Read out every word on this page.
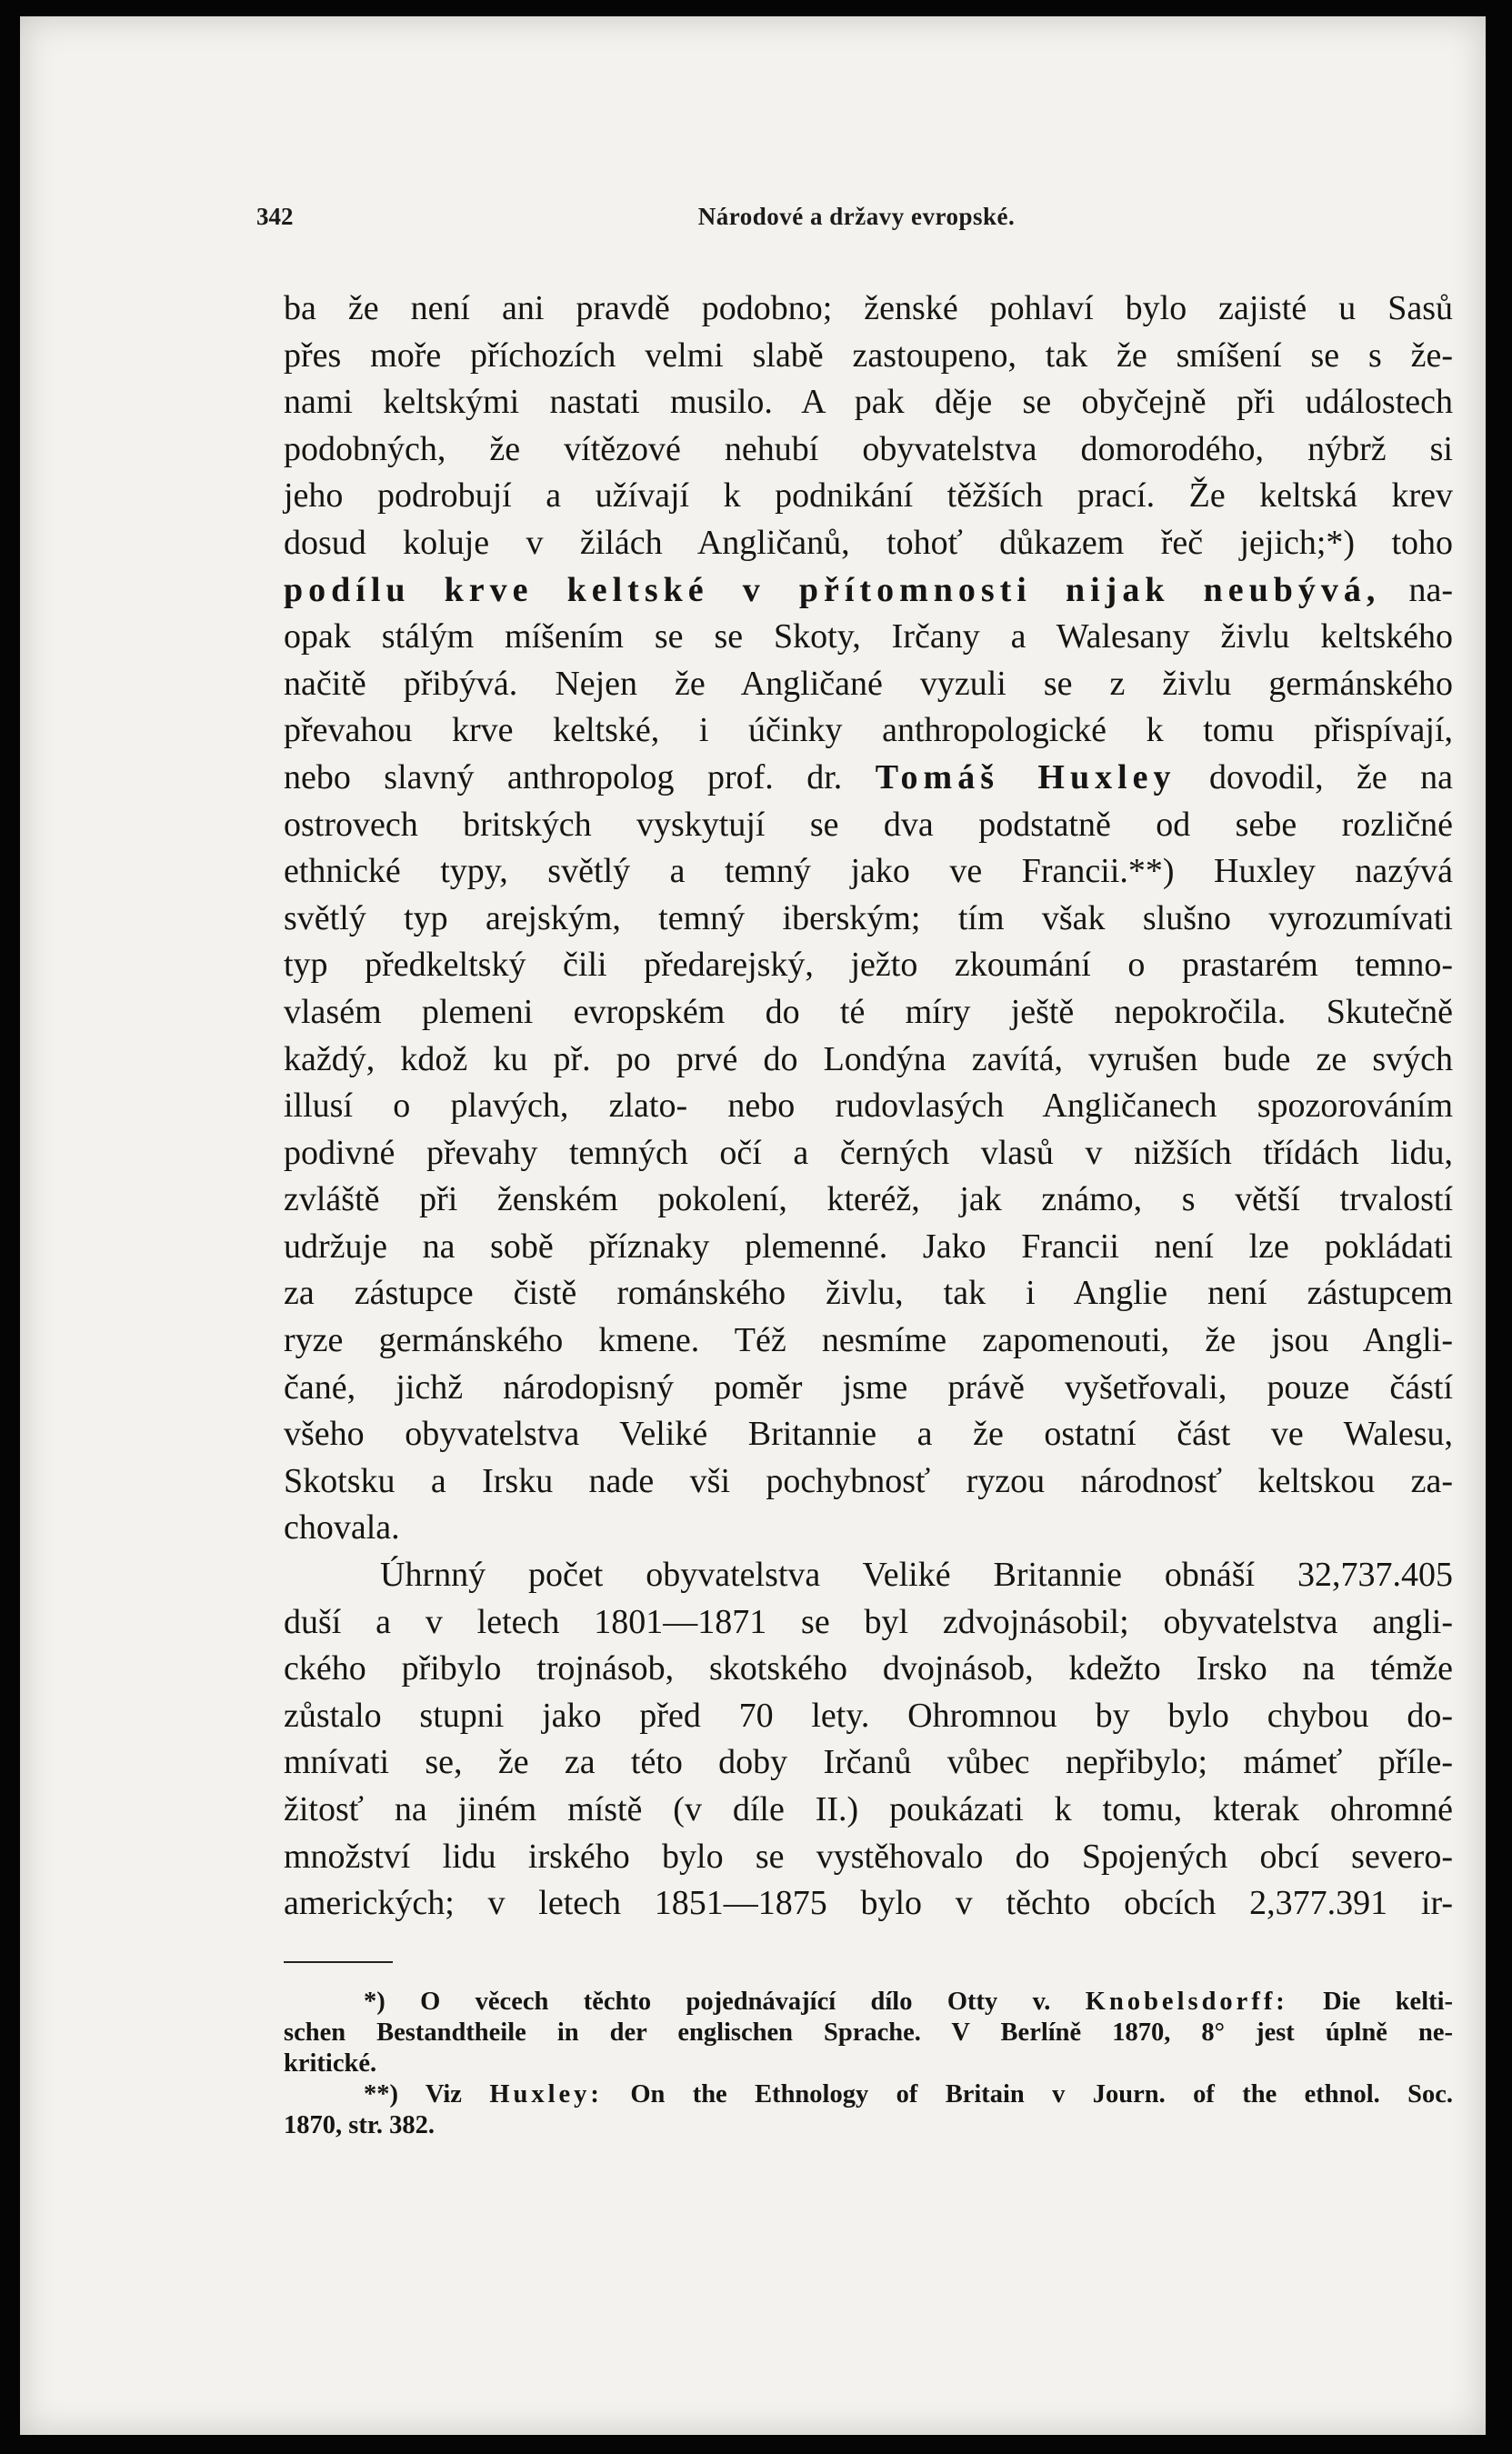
342	Národové a državy evropské.
ba že není ani pravdě podobno; ženské pohlaví bylo zajisté u Sasů
přes moře příchozích velmi slabě zastoupeno, tak že smíšení se s že-
nami keltskými nastati musilo. A pak děje se obyčejně při událostech
podobných, že vítězové nehubí obyvatelstva domorodého, nýbrž si
jeho podrobují a užívají k podnikání těžších prací. Že keltská krev
dosud koluje v žilách Angličanů, tohoť důkazem řeč jejich;*) toho
podílu krve keltské v přítomnosti nijak neubývá, na-
opak stálým míšením se se Skoty, Irčany a Walesany živlu keltského
načitě přibývá. Nejen že Angličané vyzuli se z živlu germánského
převahou krve keltské, i účinky anthropologické k tomu přispívají,
nebo slavný anthropolog prof. dr. Tomáš Huxley dovodil, že na
ostrovech britských vyskytují se dva podstatně od sebe rozličné
ethnické typy, světlý a temný jako ve Francii.**) Huxley nazývá
světlý typ arejským, temný iberským; tím však slušno vyrozumívati
typ předkeltský čili předarejský, ježto zkoumání o prastarém temno-
vlasém plemeni evropském do té míry ještě nepokročila. Skutečně
každý, kdož ku př. po prvé do Londýna zavítá, vyrušen bude ze svých
illusí o plavých, zlato- nebo rudovlasých Angličanech spozorováním
podivné převahy temných očí a černých vlasů v nižších třídách lidu,
zvláště při ženském pokolení, kteréž, jak známo, s větší trvalostí
udržuje na sobě příznaky plemenné. Jako Francii není lze pokládati
za zástupce čistě románského živlu, tak i Anglie není zástupcem
ryze germánského kmene. Též nesmíme zapomenouti, že jsou Angli-
čané, jichž národopisný poměr jsme právě vyšetřovali, pouze částí
všeho obyvatelstva Veliké Britannie a že ostatní část ve Walesu,
Skotsku a Irsku nade vši pochybnosť ryzou národnosť keltskou za-
chovala.
Úhrnný počet obyvatelstva Veliké Britannie obnáší 32,737.405
duší a v letech 1801—1871 se byl zdvojnásobil; obyvatelstva angli-
ckého přibylo trojnásob, skotského dvojnásob, kdežto Irsko na témže
zůstalo stupni jako před 70 lety. Ohromnou by bylo chybou do-
mnívati se, že za této doby Irčanů vůbec nepřibylo; mámeť příle-
žitosť na jiném místě (v díle II.) poukázati k tomu, kterak ohromné
množství lidu irského bylo se vystěhovalo do Spojených obcí severo-
amerických; v letech 1851—1875 bylo v těchto obcích 2,377.391 ir-
*) O věcech těchto pojednávající dílo Otty v. Knobelsdorff: Die kelti-
schen Bestandtheile in der englischen Sprache. V Berlíně 1870, 8° jest úplně ne-
kritické.
**) Viz Huxley: On the Ethnology of Britain v Journ. of the ethnol. Soc.
1870, str. 382.
